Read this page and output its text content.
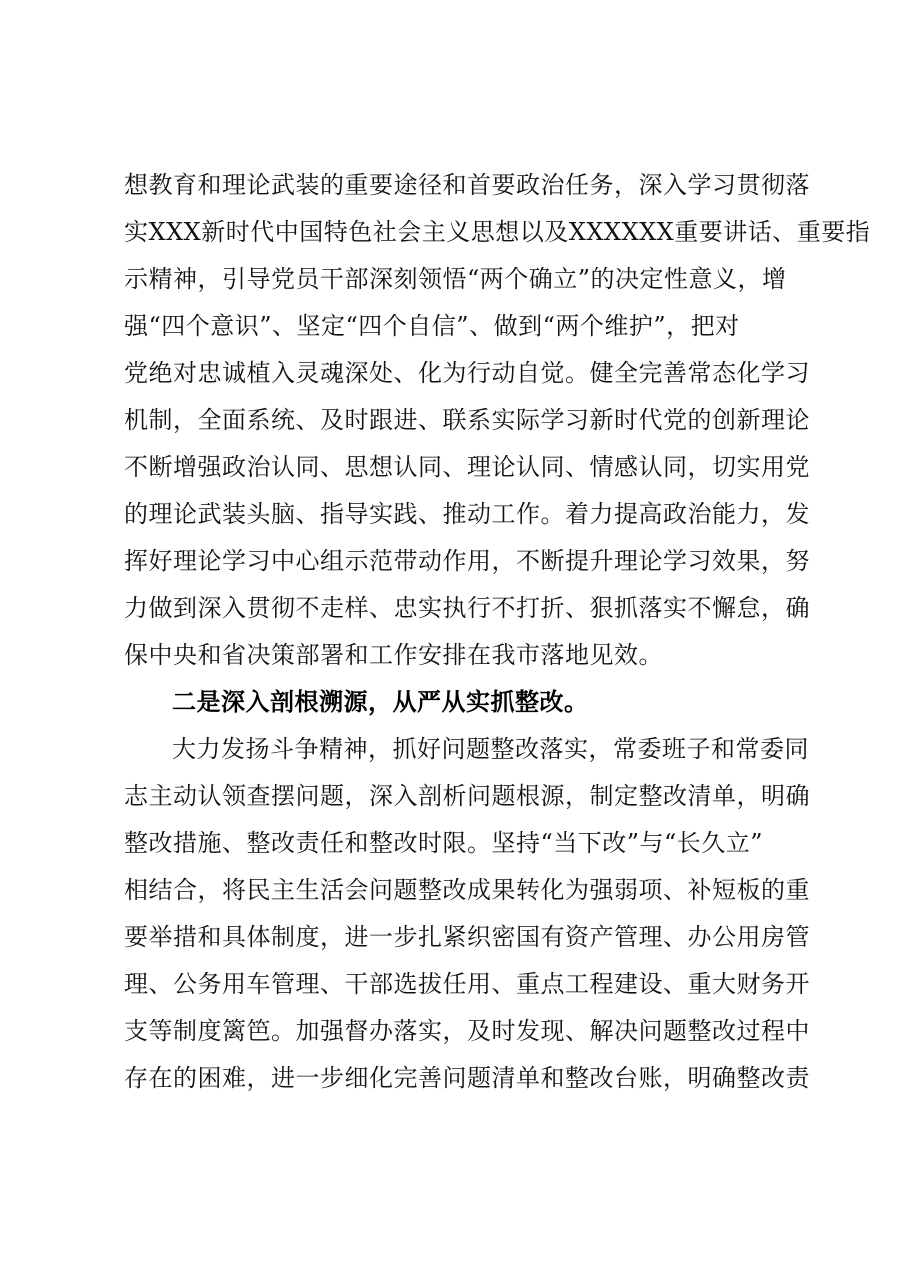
想教育和理论武装的重要途径和首要政治任务，深入学习贯彻落
实XXX新时代中国特色社会主义思想以及XXXXXX重要讲话、重要指
示精神，引导党员干部深刻领悟“两个确立”的决定性意义，增
强“四个意识”、坚定“四个自信”、做到“两个维护”，把对
党绝对忠诚植入灵魂深处、化为行动自觉。健全完善常态化学习
机制，全面系统、及时跟进、联系实际学习新时代党的创新理论
不断增强政治认同、思想认同、理论认同、情感认同，切实用党
的理论武装头脑、指导实践、推动工作。着力提高政治能力，发
挥好理论学习中心组示范带动作用，不断提升理论学习效果，努
力做到深入贯彻不走样、忠实执行不打折、狠抓落实不懈怠，确
保中央和省决策部署和工作安排在我市落地见效。
二是深入剖根溯源，从严从实抓整改。
大力发扬斗争精神，抓好问题整改落实，常委班子和常委同
志主动认领查摆问题，深入剖析问题根源，制定整改清单，明确
整改措施、整改责任和整改时限。坚持“当下改”与“长久立”
相结合，将民主生活会问题整改成果转化为强弱项、补短板的重
要举措和具体制度，进一步扎紧织密国有资产管理、办公用房管
理、公务用车管理、干部选拔任用、重点工程建设、重大财务开
支等制度篱笆。加强督办落实，及时发现、解决问题整改过程中
存在的困难，进一步细化完善问题清单和整改台账，明确整改责
